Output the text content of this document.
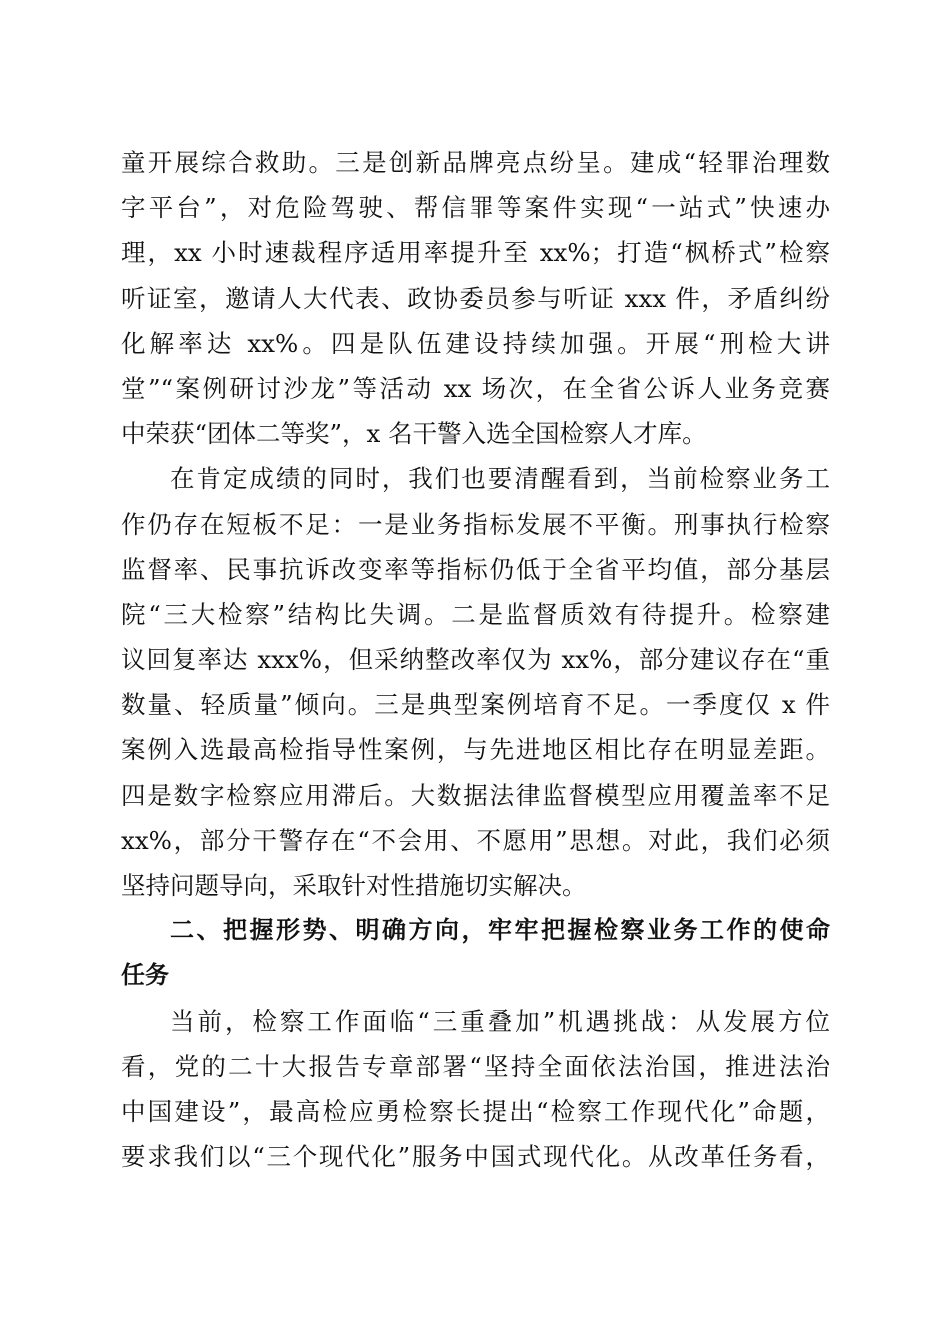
童开展综合救助。三是创新品牌亮点纷呈。建成“轻罪治理数
字平台”，对危险驾驶、帮信罪等案件实现“一站式”快速办
理，xx 小时速裁程序适用率提升至 xx%；打造“枫桥式”检察
听证室，邀请人大代表、政协委员参与听证 xxx 件，矛盾纠纷
化解率达 xx%。四是队伍建设持续加强。开展“刑检大讲
堂”“案例研讨沙龙”等活动 xx 场次，在全省公诉人业务竞赛
中荣获“团体二等奖”，x 名干警入选全国检察人才库。
在肯定成绩的同时，我们也要清醒看到，当前检察业务工
作仍存在短板不足：一是业务指标发展不平衡。刑事执行检察
监督率、民事抗诉改变率等指标仍低于全省平均值，部分基层
院“三大检察”结构比失调。二是监督质效有待提升。检察建
议回复率达 xxx%，但采纳整改率仅为 xx%，部分建议存在“重
数量、轻质量”倾向。三是典型案例培育不足。一季度仅 x 件
案例入选最高检指导性案例，与先进地区相比存在明显差距。
四是数字检察应用滞后。大数据法律监督模型应用覆盖率不足
xx%，部分干警存在“不会用、不愿用”思想。对此，我们必须
坚持问题导向，采取针对性措施切实解决。
二、把握形势、明确方向，牢牢把握检察业务工作的使命
任务
当前，检察工作面临“三重叠加”机遇挑战：从发展方位
看，党的二十大报告专章部署“坚持全面依法治国，推进法治
中国建设”，最高检应勇检察长提出“检察工作现代化”命题，
要求我们以“三个现代化”服务中国式现代化。从改革任务看，
